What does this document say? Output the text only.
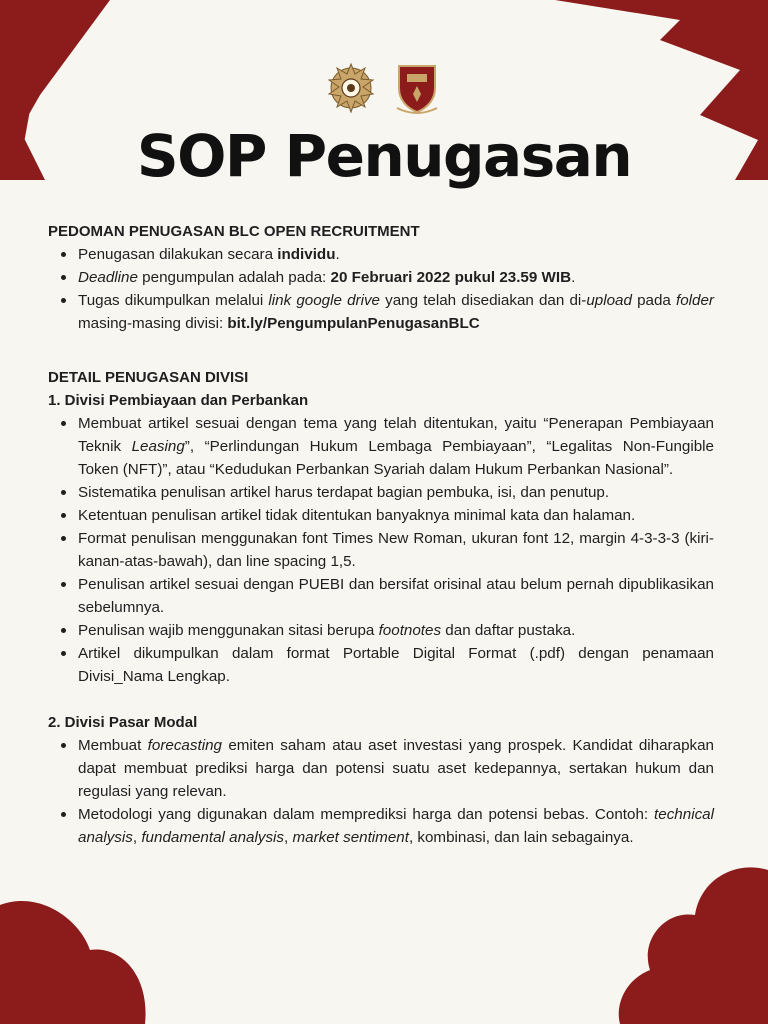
SOP Penugasan

PEDOMAN PENUGASAN BLC OPEN RECRUITMENT

Penugasan dilakukan secara individu.
Deadline pengumpulan adalah pada: 20 Februari 2022 pukul 23.59 WIB.
Tugas dikumpulkan melalui link google drive yang telah disediakan dan di-upload pada folder masing-masing divisi: bit.ly/PengumpulanPenugasanBLC

DETAIL PENUGASAN DIVISI

1. Divisi Pembiayaan dan Perbankan

Membuat artikel sesuai dengan tema yang telah ditentukan, yaitu “Penerapan Pembiayaan Teknik Leasing”, “Perlindungan Hukum Lembaga Pembiayaan”, “Legalitas Non-Fungible Token (NFT)”, atau “Kedudukan Perbankan Syariah dalam Hukum Perbankan Nasional”.
Sistematika penulisan artikel harus terdapat bagian pembuka, isi, dan penutup.
Ketentuan penulisan artikel tidak ditentukan banyaknya minimal kata dan halaman.
Format penulisan menggunakan font Times New Roman, ukuran font 12, margin 4-3-3-3 (kiri-kanan-atas-bawah), dan line spacing 1,5.
Penulisan artikel sesuai dengan PUEBI dan bersifat orisinal atau belum pernah dipublikasikan sebelumnya.
Penulisan wajib menggunakan sitasi berupa footnotes dan daftar pustaka.
Artikel dikumpulkan dalam format Portable Digital Format (.pdf) dengan penamaan Divisi_Nama Lengkap.

2. Divisi Pasar Modal

Membuat forecasting emiten saham atau aset investasi yang prospek. Kandidat diharapkan dapat membuat prediksi harga dan potensi suatu aset kedepannya, sertakan hukum dan regulasi yang relevan.
Metodologi yang digunakan dalam memprediksi harga dan potensi bebas. Contoh: technical analysis, fundamental analysis, market sentiment, kombinasi, dan lain sebagainya.
